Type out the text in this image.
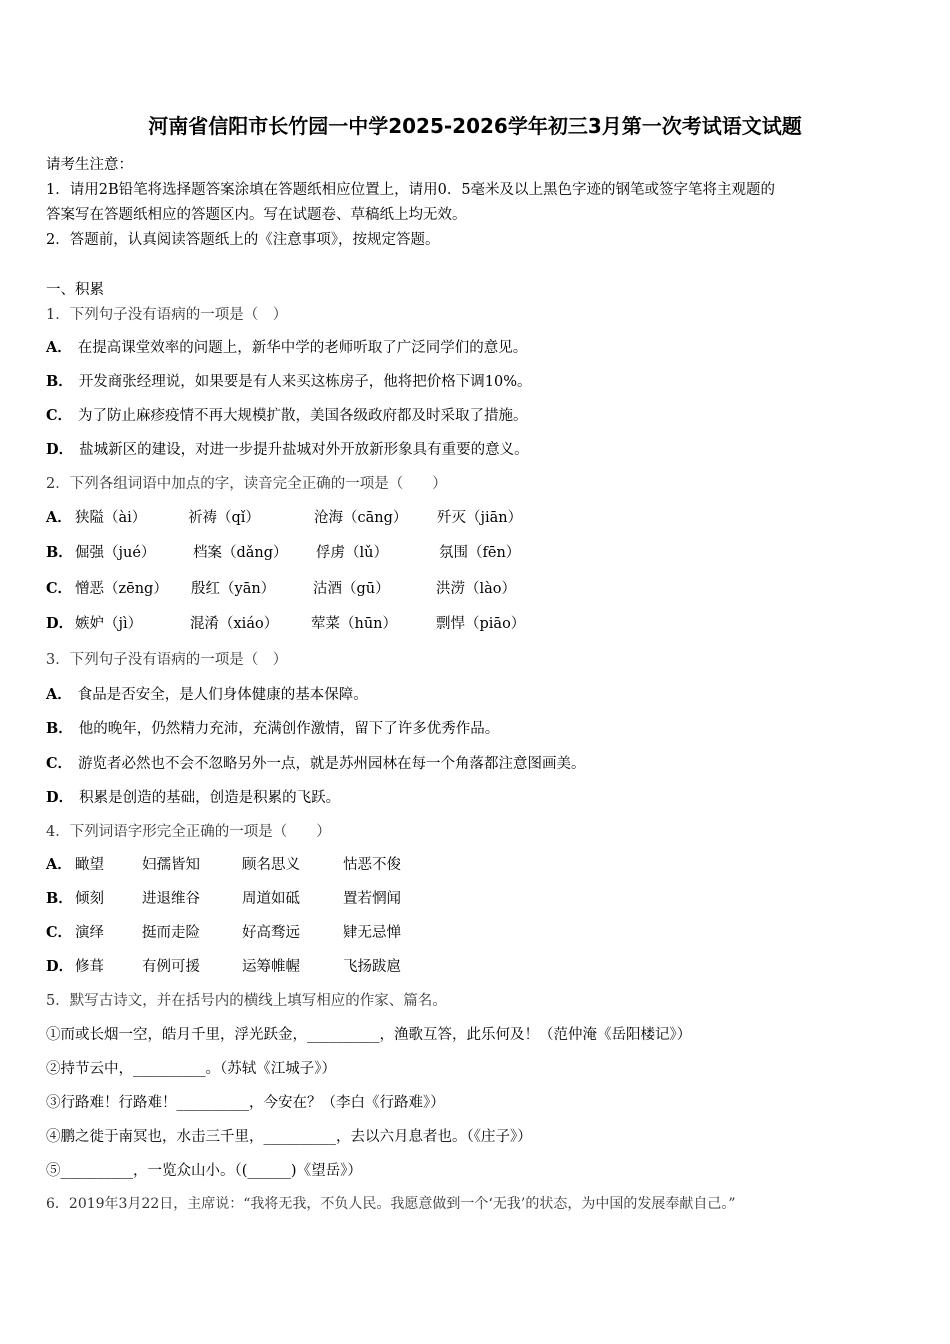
河南省信阳市长竹园一中学2025-2026学年初三3月第一次考试语文试题
请考生注意：
1．请用2B铅笔将选择题答案涂填在答题纸相应位置上，请用0．5毫米及以上黑色字迹的钢笔或签字笔将主观题的
答案写在答题纸相应的答题区内。写在试题卷、草稿纸上均无效。
2．答题前，认真阅读答题纸上的《注意事项》，按规定答题。
一、积累
1．下列句子没有语病的一项是（　）
A． 在提高课堂效率的问题上，新华中学的老师听取了广泛同学们的意见。
B． 开发商张经理说，如果要是有人来买这栋房子，他将把价格下调10%。
C． 为了防止麻疹疫情不再大规模扩散，美国各级政府都及时采取了措施。
D． 盐城新区的建设，对进一步提升盐城对外开放新形象具有重要的意义。
2．下列各组词语中加点的字，读音完全正确的一项是（　　）
A． 狭隘（ài）	祈祷（qǐ）	沧海（cāng） 歼灭（jiān）
B． 倔强（jué）	档案（dǎng） 俘虏（lǔ）	氛围（fēn）
C． 憎恶（zēng） 殷红（yān）	沽酒（gū）	洪涝（lào）
D． 嫉妒（jì）	混淆（xiáo） 荤菜（hūn）	剽悍（piāo）
3．下列句子没有语病的一项是（　）
A． 食品是否安全，是人们身体健康的基本保障。
B． 他的晚年，仍然精力充沛，充满创作激情，留下了许多优秀作品。
C． 游览者必然也不会不忽略另外一点，就是苏州园林在每一个角落都注意图画美。
D． 积累是创造的基础，创造是积累的飞跃。
4．下列词语字形完全正确的一项是（　　）
A． 瞰望	妇孺皆知	顾名思义	怙恶不俊
B． 倾刻	进退维谷	周道如砥	置若惘闻
C． 演绎	挺而走险	好高骛远	肄无忌惮
D． 修葺	有例可援	运筹帷幄	飞扬跋扈
5．默写古诗文，并在括号内的横线上填写相应的作家、篇名。
①而或长烟一空，皓月千里，浮光跃金，__________，渔歌互答，此乐何及！（范仲淹《岳阳楼记》）
②持节云中，__________。（苏轼《江城子》）
③行路难！行路难！__________，今安在？（李白《行路难》）
④鹏之徙于南冥也，水击三千里，__________，去以六月息者也。（《庄子》）
⑤__________，一览众山小。（(______)《望岳》）
6．2019年3月22日，主席说：“我将无我，不负人民。我愿意做到一个‘无我’的状态，为中国的发展奉献自己。”
